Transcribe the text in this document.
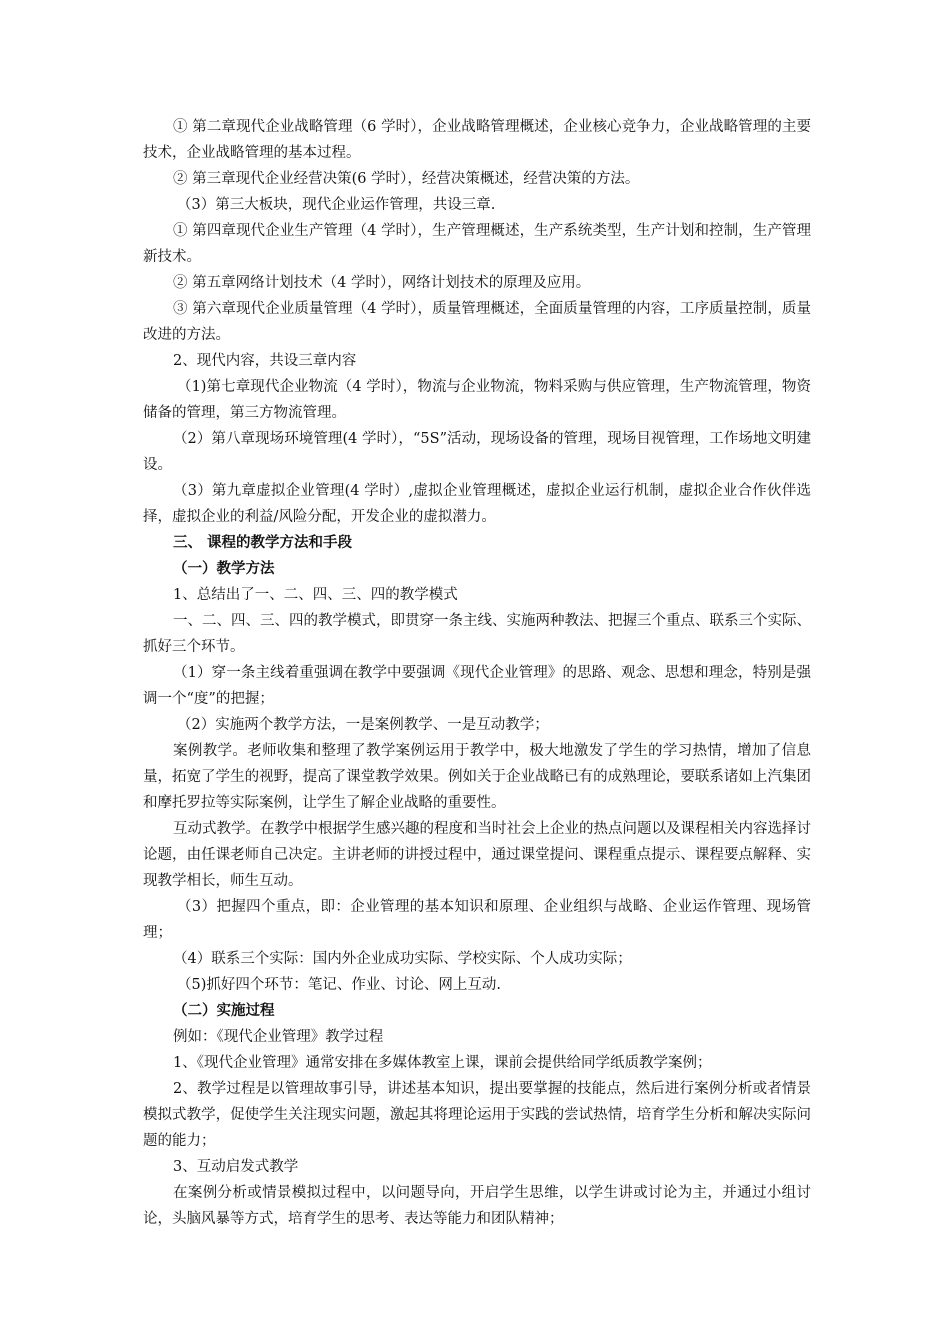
① 第二章现代企业战略管理（6 学时），企业战略管理概述，企业核心竞争力，企业战略管理的主要技术，企业战略管理的基本过程。

② 第三章现代企业经营决策(6 学时），经营决策概述，经营决策的方法。

（3）第三大板块，现代企业运作管理，共设三章.

① 第四章现代企业生产管理（4 学时），生产管理概述，生产系统类型，生产计划和控制，生产管理新技术。

② 第五章网络计划技术（4 学时），网络计划技术的原理及应用。

③ 第六章现代企业质量管理（4 学时），质量管理概述，全面质量管理的内容，工序质量控制，质量改进的方法。

2、现代内容，共设三章内容

（1)第七章现代企业物流（4 学时），物流与企业物流，物料采购与供应管理，生产物流管理，物资储备的管理，第三方物流管理。

（2）第八章现场环境管理(4 学时），“5S”活动，现场设备的管理，现场目视管理，工作场地文明建设。

（3）第九章虚拟企业管理(4 学时）,虚拟企业管理概述，虚拟企业运行机制，虚拟企业合作伙伴选择，虚拟企业的利益/风险分配，开发企业的虚拟潜力。

三、 课程的教学方法和手段

（一）教学方法

1、总结出了一、二、四、三、四的教学模式

一、二、四、三、四的教学模式，即贯穿一条主线、实施两种教法、把握三个重点、联系三个实际、抓好三个环节。

（1）穿一条主线着重强调在教学中要强调《现代企业管理》的思路、观念、思想和理念，特别是强调一个“度”的把握；

（2）实施两个教学方法，一是案例教学、一是互动教学；

案例教学。老师收集和整理了教学案例运用于教学中，极大地激发了学生的学习热情，增加了信息量，拓宽了学生的视野，提高了课堂教学效果。例如关于企业战略已有的成熟理论，要联系诸如上汽集团和摩托罗拉等实际案例，让学生了解企业战略的重要性。

互动式教学。在教学中根据学生感兴趣的程度和当时社会上企业的热点问题以及课程相关内容选择讨论题，由任课老师自己决定。主讲老师的讲授过程中，通过课堂提问、课程重点提示、课程要点解释、实现教学相长，师生互动。

（3）把握四个重点，即：企业管理的基本知识和原理、企业组织与战略、企业运作管理、现场管理；

（4）联系三个实际：国内外企业成功实际、学校实际、个人成功实际；

（5)抓好四个环节：笔记、作业、讨论、网上互动.

（二）实施过程

例如：《现代企业管理》教学过程

1、《现代企业管理》通常安排在多媒体教室上课，课前会提供给同学纸质教学案例；

2、教学过程是以管理故事引导，讲述基本知识，提出要掌握的技能点，然后进行案例分析或者情景模拟式教学，促使学生关注现实问题，激起其将理论运用于实践的尝试热情，培育学生分析和解决实际问题的能力；

3、互动启发式教学

在案例分析或情景模拟过程中，以问题导向，开启学生思维，以学生讲或讨论为主，并通过小组讨论，头脑风暴等方式，培育学生的思考、表达等能力和团队精神；
